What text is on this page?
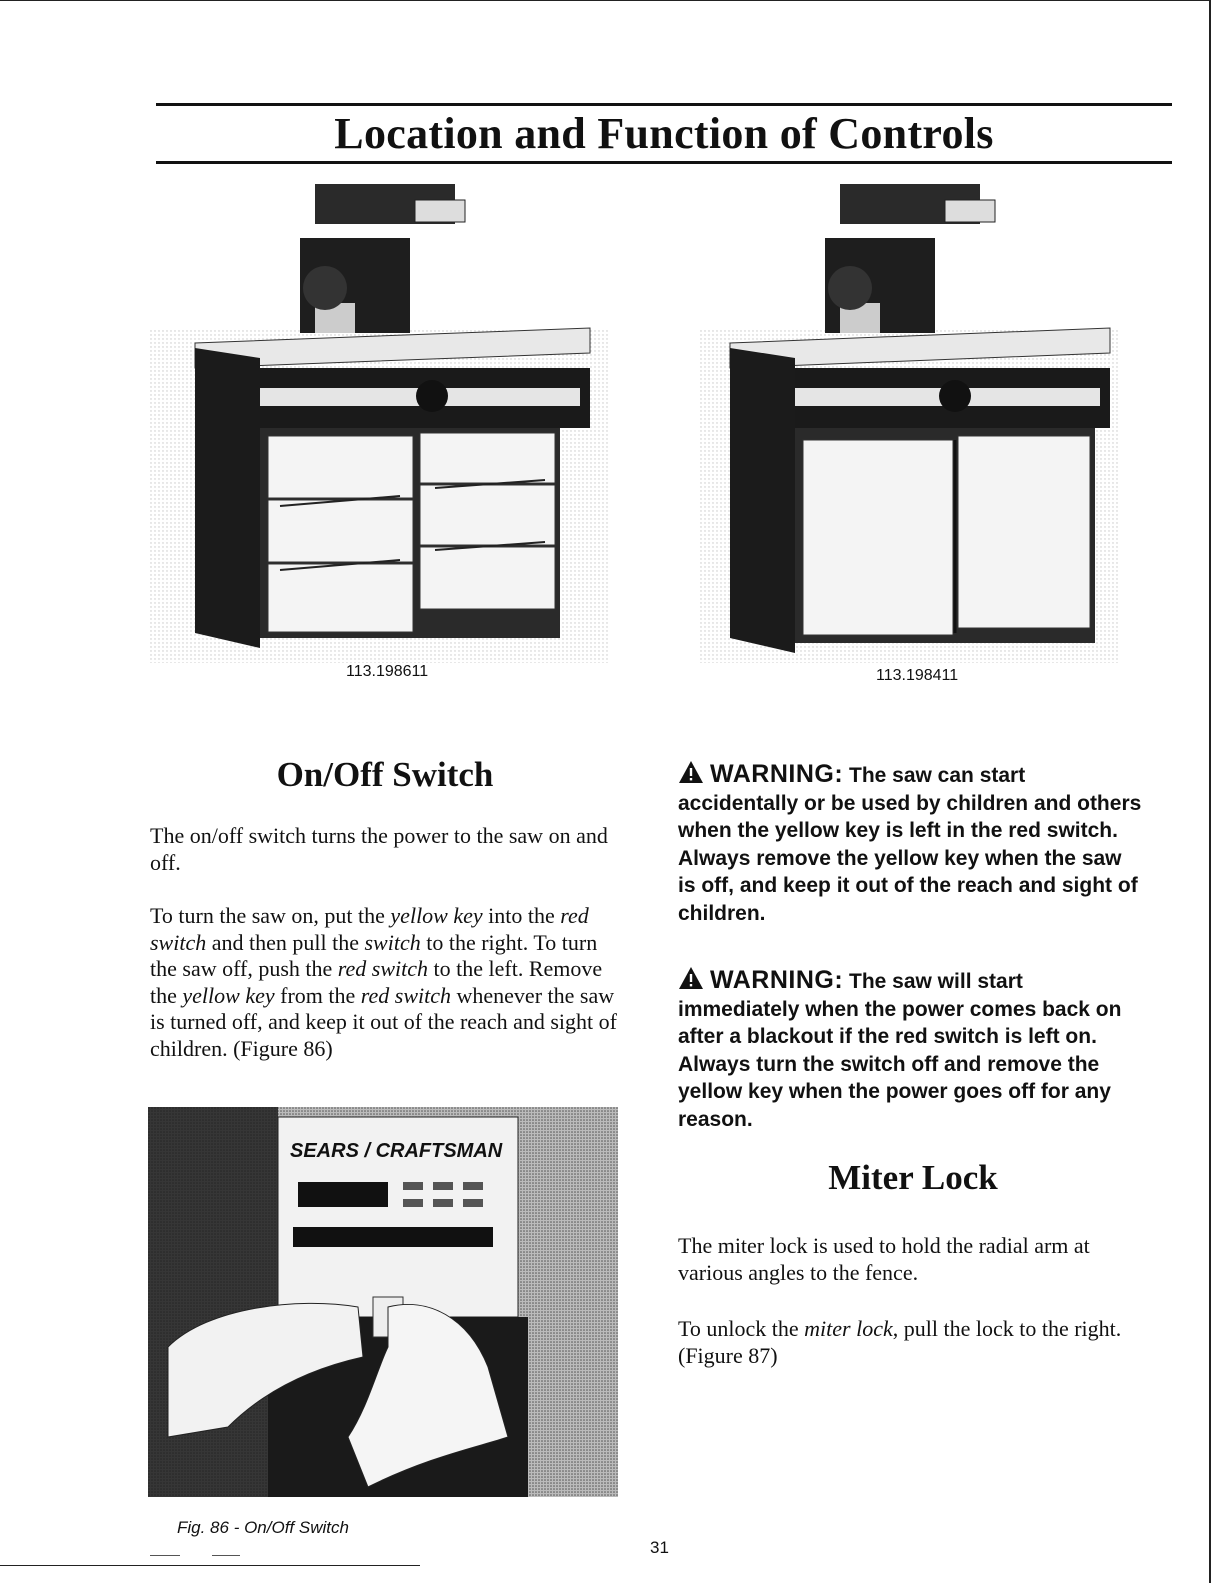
Location and Function of Controls
113.198611	113.198411
On/Off Switch
The on/off switch turns the power to the saw on and off.
To turn the saw on, put the yellow key into the red switch and then pull the switch to the right. To turn the saw off, push the red switch to the left. Remove the yellow key from the red switch whenever the saw is turned off, and keep it out of the reach and sight of children. (Figure 86)
SEARS / CRAFTSMAN
Fig. 86 - On/Off Switch
31
WARNING: The saw can start accidentally or be used by children and others when the yellow key is left in the red switch. Always remove the yellow key when the saw is off, and keep it out of the reach and sight of children.
WARNING: The saw will start immediately when the power comes back on after a blackout if the red switch is left on. Always turn the switch off and remove the yellow key when the power goes off for any reason.
Miter Lock
The miter lock is used to hold the radial arm at various angles to the fence.
To unlock the miter lock, pull the lock to the right. (Figure 87)
